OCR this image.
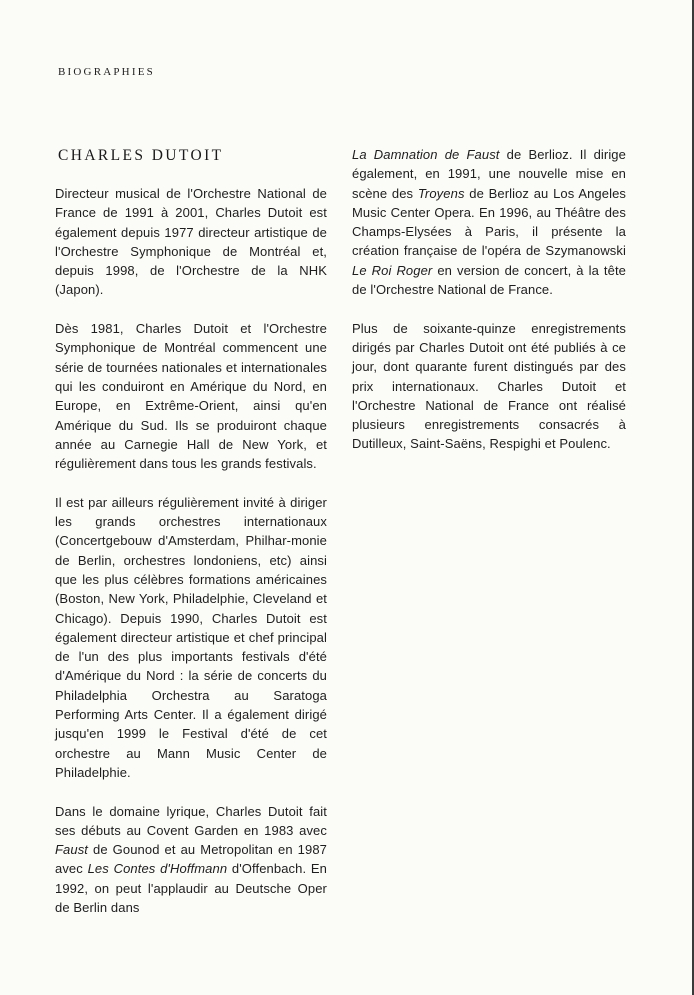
BIOGRAPHIES
CHARLES DUTOIT

Directeur musical de l'Orchestre National de France de 1991 à 2001, Charles Dutoit est également depuis 1977 directeur artistique de l'Orchestre Symphonique de Montréal et, depuis 1998, de l'Orchestre de la NHK (Japon).

Dès 1981, Charles Dutoit et l'Orchestre Symphonique de Montréal commencent une série de tournées nationales et internationales qui les conduiront en Amérique du Nord, en Europe, en Extrême-Orient, ainsi qu'en Amérique du Sud. Ils se produiront chaque année au Carnegie Hall de New York, et régulièrement dans tous les grands festivals.

Il est par ailleurs régulièrement invité à diriger les grands orchestres internationaux (Concertgebouw d'Amsterdam, Philhar-monie de Berlin, orchestres londoniens, etc) ainsi que les plus célèbres formations américaines (Boston, New York, Philadelphie, Cleveland et Chicago). Depuis 1990, Charles Dutoit est également directeur artistique et chef principal de l'un des plus importants festivals d'été d'Amérique du Nord : la série de concerts du Philadelphia Orchestra au Saratoga Performing Arts Center. Il a également dirigé jusqu'en 1999 le Festival d'été de cet orchestre au Mann Music Center de Philadelphie.

Dans le domaine lyrique, Charles Dutoit fait ses débuts au Covent Garden en 1983 avec Faust de Gounod et au Metropolitan en 1987 avec Les Contes d'Hoffmann d'Offenbach. En 1992, on peut l'applaudir au Deutsche Oper de Berlin dans

La Damnation de Faust de Berlioz. Il dirige également, en 1991, une nouvelle mise en scène des Troyens de Berlioz au Los Angeles Music Center Opera. En 1996, au Théâtre des Champs-Elysées à Paris, il présente la création française de l'opéra de Szymanowski Le Roi Roger en version de concert, à la tête de l'Orchestre National de France.

Plus de soixante-quinze enregistrements dirigés par Charles Dutoit ont été publiés à ce jour, dont quarante furent distingués par des prix internationaux. Charles Dutoit et l'Orchestre National de France ont réalisé plusieurs enregistrements consacrés à Dutilleux, Saint-Saëns, Respighi et Poulenc.
